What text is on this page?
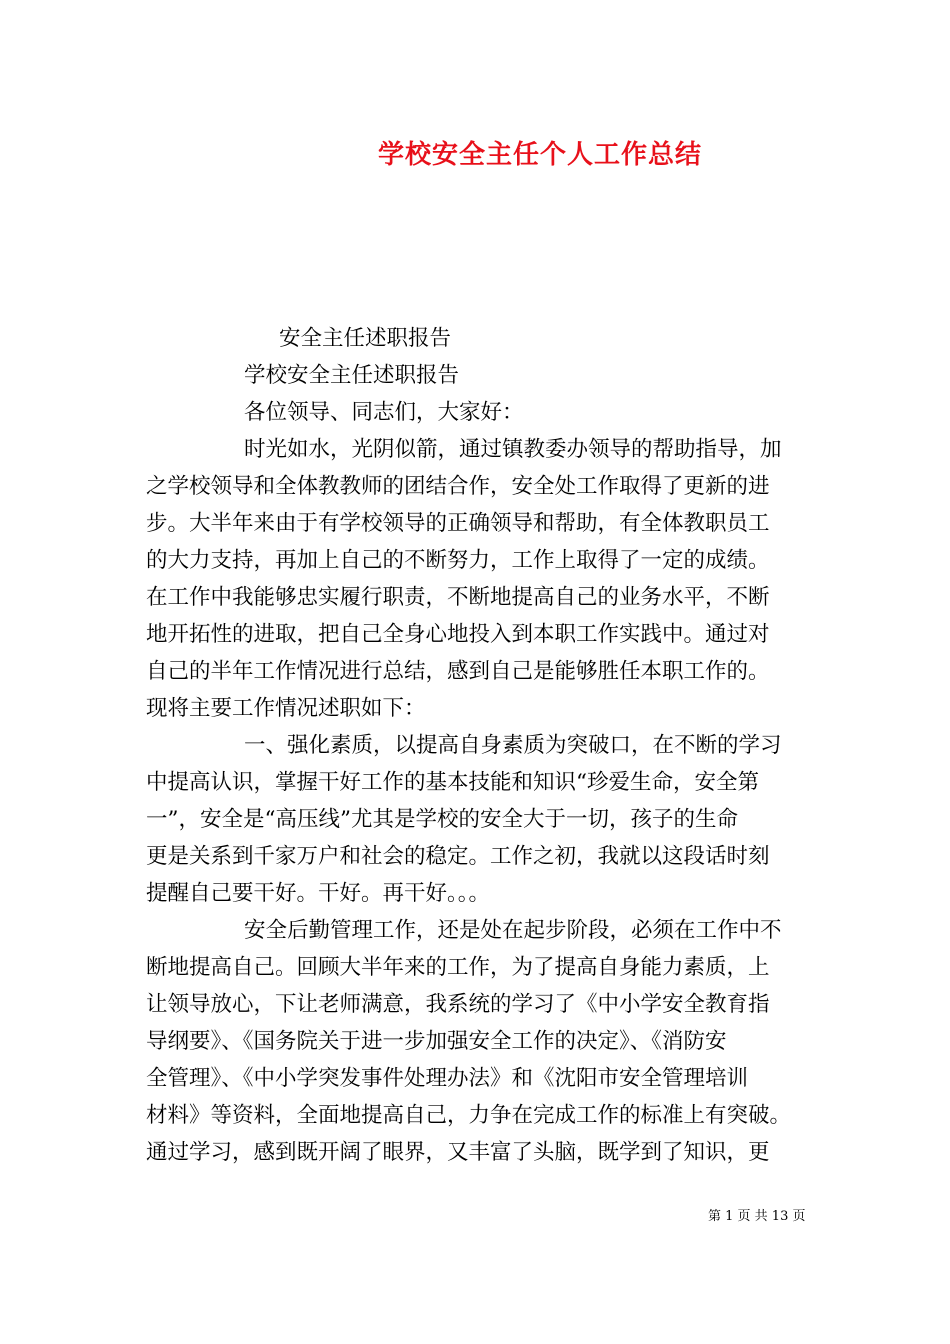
学校安全主任个人工作总结
安全主任述职报告
学校安全主任述职报告
各位领导、同志们，大家好：
时光如水，光阴似箭，通过镇教委办领导的帮助指导，加
之学校领导和全体教教师的团结合作，安全处工作取得了更新的进
步。大半年来由于有学校领导的正确领导和帮助，有全体教职员工
的大力支持，再加上自己的不断努力，工作上取得了一定的成绩。
在工作中我能够忠实履行职责，不断地提高自己的业务水平，不断
地开拓性的进取，把自己全身心地投入到本职工作实践中。通过对
自己的半年工作情况进行总结，感到自己是能够胜任本职工作的。
现将主要工作情况述职如下：
一、强化素质，以提高自身素质为突破口，在不断的学习
中提高认识，掌握干好工作的基本技能和知识“珍爱生命，安全第
一”，安全是“高压线”尤其是学校的安全大于一切，孩子的生命
更是关系到千家万户和社会的稳定。工作之初，我就以这段话时刻
提醒自己要干好。干好。再干好。。。
安全后勤管理工作，还是处在起步阶段，必须在工作中不
断地提高自己。回顾大半年来的工作，为了提高自身能力素质，上
让领导放心，下让老师满意，我系统的学习了《中小学安全教育指
导纲要》、《国务院关于进一步加强安全工作的决定》、《消防安
全管理》、《中小学突发事件处理办法》和《沈阳市安全管理培训
材料》等资料，全面地提高自己，力争在完成工作的标准上有突破。
通过学习，感到既开阔了眼界，又丰富了头脑，既学到了知识，更
第 1 页 共 13 页
